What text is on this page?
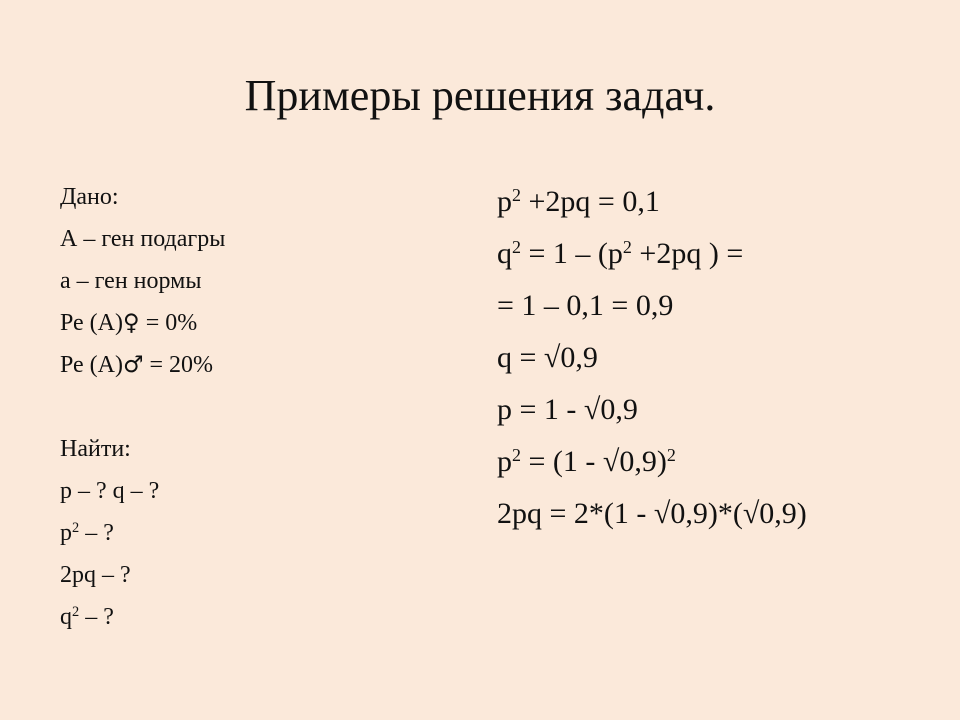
Примеры решения задач.
Дано:
А – ген подагры
а – ген нормы
Ре (А)♀ = 0%
Ре (А)♂ = 20%
Найти:
р – ? q – ?
$р^2$ – ?
2рq – ?
$q^2$ – ?
$р^2 +2рq = 0,1$
$q^2 = 1 - (р^2 +2рq$ ) =
= 1 – 0,1 = 0,9
q = √0,9
р = 1 - √0,9
$р^2 = (1 - √0,9)^2$
2рq = 2*(1 - √0,9)*(√0,9)
